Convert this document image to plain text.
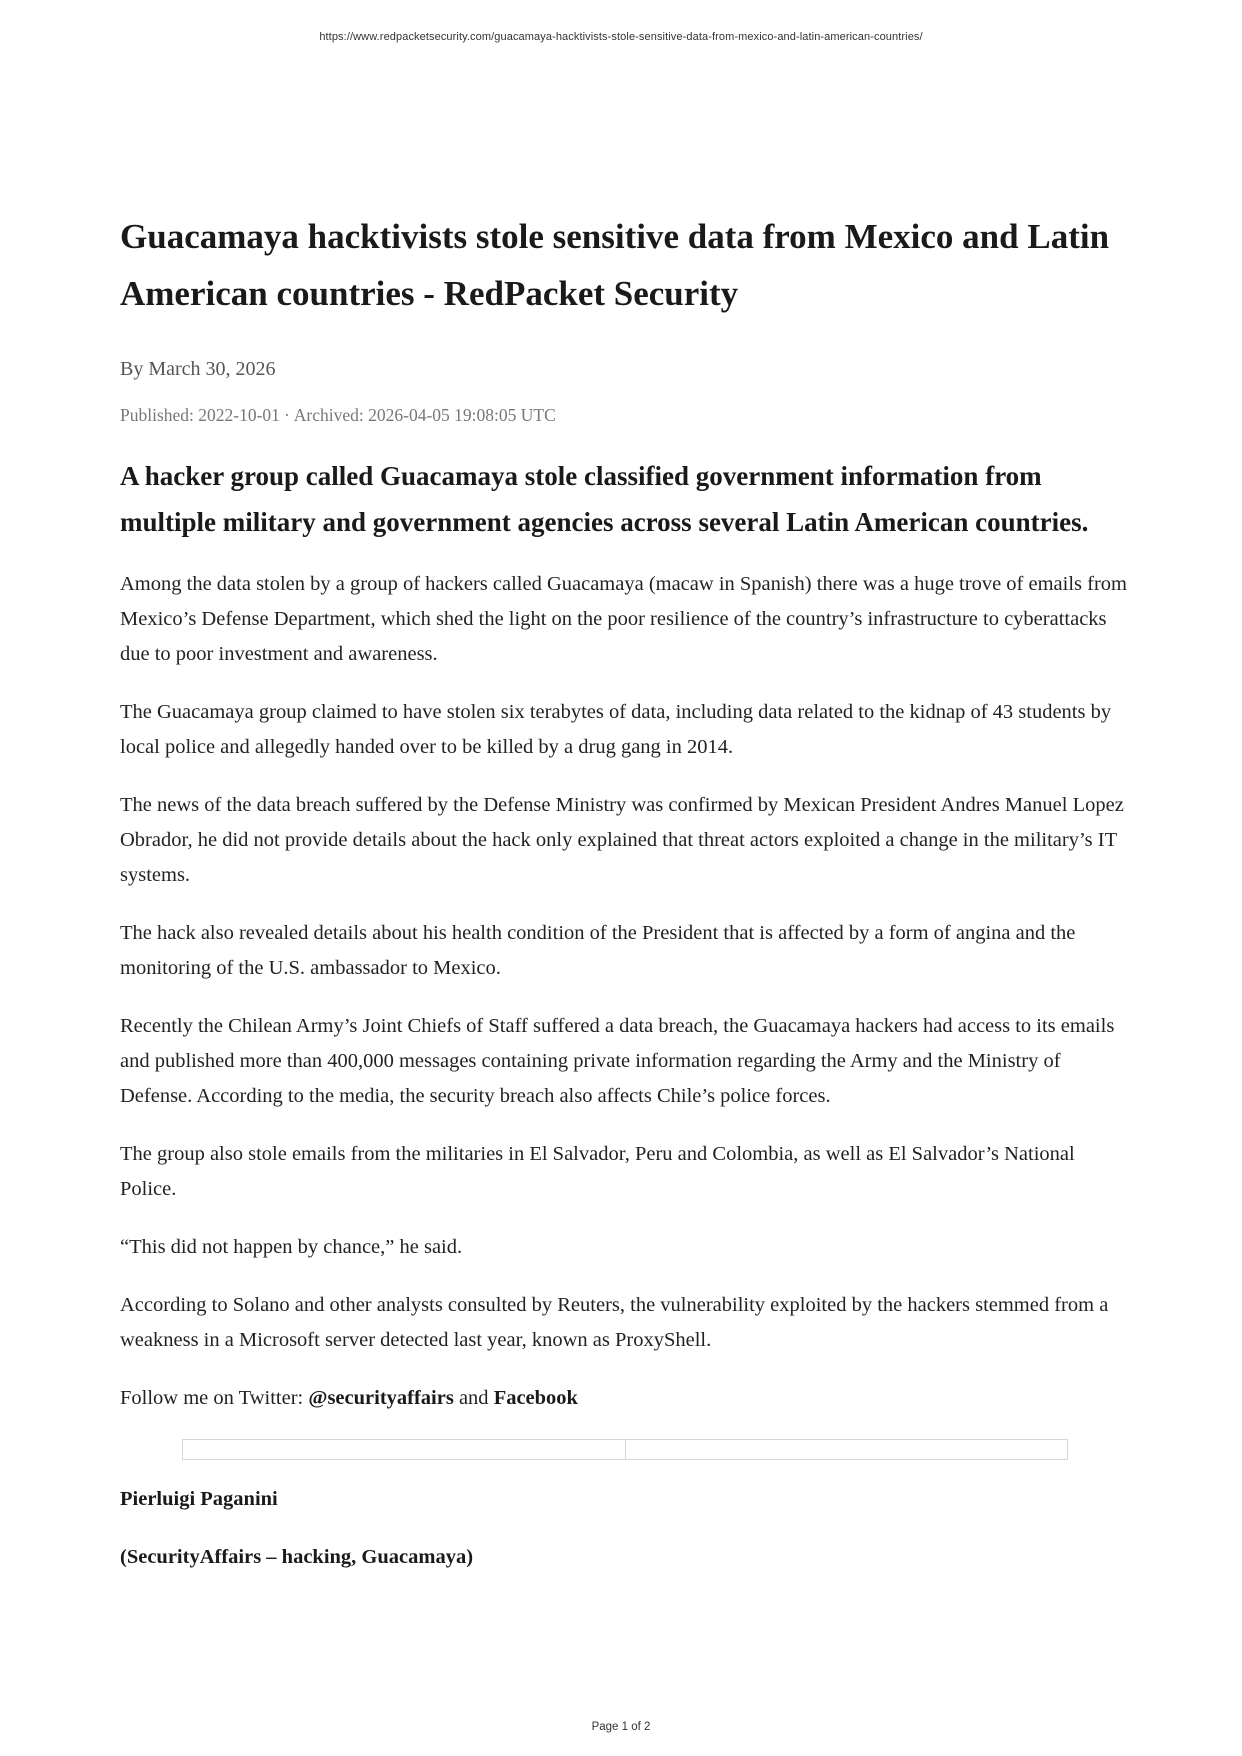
https://www.redpacketsecurity.com/guacamaya-hacktivists-stole-sensitive-data-from-mexico-and-latin-american-countries/
Guacamaya hacktivists stole sensitive data from Mexico and Latin American countries - RedPacket Security
By March 30, 2026
Published: 2022-10-01 · Archived: 2026-04-05 19:08:05 UTC
A hacker group called Guacamaya stole classified government information from multiple military and government agencies across several Latin American countries.

Among the data stolen by a group of hackers called Guacamaya (macaw in Spanish) there was a huge trove of emails from Mexico’s Defense Department, which shed the light on the poor resilience of the country’s infrastructure to cyberattacks due to poor investment and awareness.

The Guacamaya group claimed to have stolen six terabytes of data, including data related to the kidnap of 43 students by local police and allegedly handed over to be killed by a drug gang in 2014.

The news of the data breach suffered by the Defense Ministry was confirmed by Mexican President Andres Manuel Lopez Obrador, he did not provide details about the hack only explained that threat actors exploited a change in the military’s IT systems.

The hack also revealed details about his health condition of the President that is affected by a form of angina and the monitoring of the U.S. ambassador to Mexico.

Recently the Chilean Army’s Joint Chiefs of Staff suffered a data breach, the Guacamaya hackers had access to its emails and published more than 400,000 messages containing private information regarding the Army and the Ministry of Defense. According to the media, the security breach also affects Chile’s police forces.

The group also stole emails from the militaries in El Salvador, Peru and Colombia, as well as El Salvador’s National Police.

“This did not happen by chance,” he said.

According to Solano and other analysts consulted by Reuters, the vulnerability exploited by the hackers stemmed from a weakness in a Microsoft server detected last year, known as ProxyShell.

Follow me on Twitter: @securityaffairs and Facebook

Pierluigi Paganini

(SecurityAffairs – hacking, Guacamaya)

Page 1 of 2
